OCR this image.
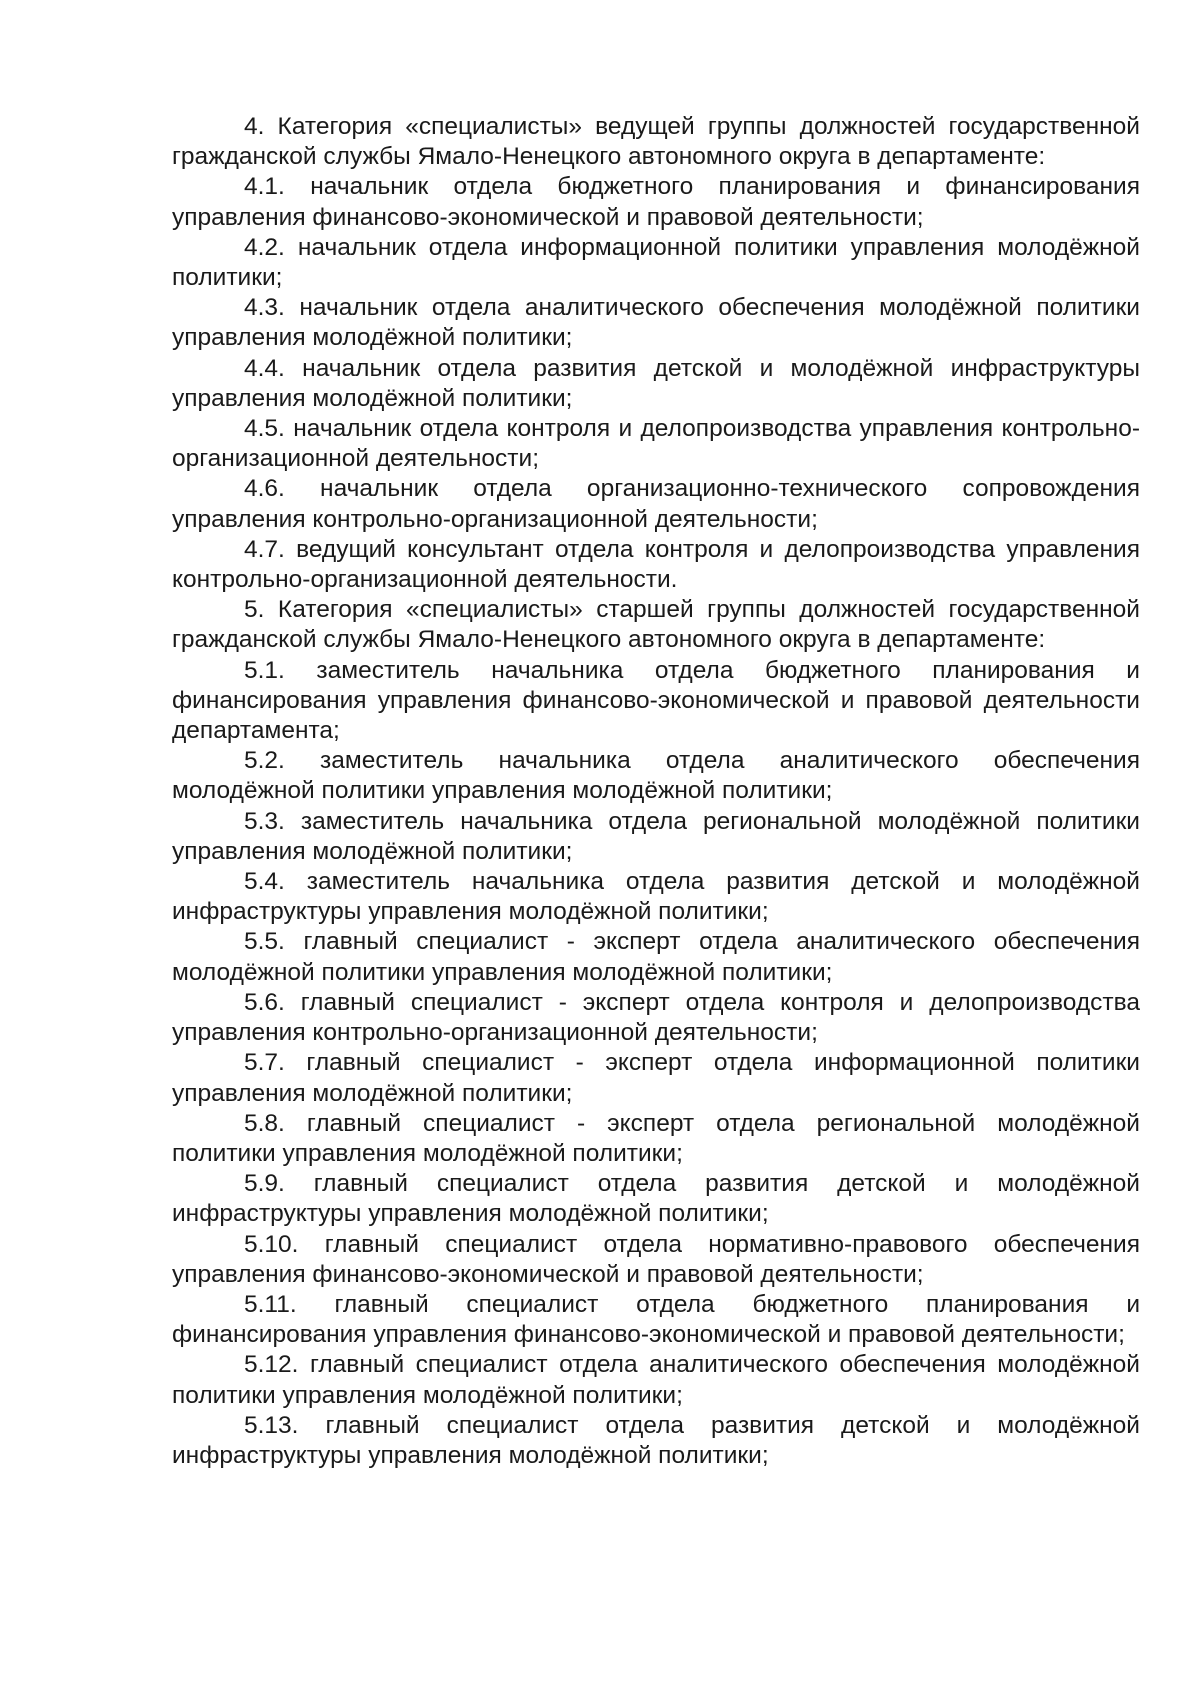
4. Категория «специалисты» ведущей группы должностей государственной гражданской службы Ямало-Ненецкого автономного округа в департаменте:

4.1. начальник отдела бюджетного планирования и финансирования управления финансово-экономической и правовой деятельности;

4.2. начальник отдела информационной политики управления молодёжной политики;

4.3. начальник отдела аналитического обеспечения молодёжной политики управления молодёжной политики;

4.4. начальник отдела развития детской и молодёжной инфраструктуры управления молодёжной политики;

4.5. начальник отдела контроля и делопроизводства управления контрольно-организационной деятельности;

4.6. начальник отдела организационно-технического сопровождения управления контрольно-организационной деятельности;

4.7. ведущий консультант отдела контроля и делопроизводства управления контрольно-организационной деятельности.

5. Категория «специалисты» старшей группы должностей государственной гражданской службы Ямало-Ненецкого автономного округа в департаменте:

5.1. заместитель начальника отдела бюджетного планирования и финансирования управления финансово-экономической и правовой деятельности департамента;

5.2. заместитель начальника отдела аналитического обеспечения молодёжной политики управления молодёжной политики;

5.3. заместитель начальника отдела региональной молодёжной политики управления молодёжной политики;

5.4. заместитель начальника отдела развития детской и молодёжной инфраструктуры управления молодёжной политики;

5.5. главный специалист - эксперт отдела аналитического обеспечения молодёжной политики управления молодёжной политики;

5.6. главный специалист - эксперт отдела контроля и делопроизводства управления контрольно-организационной деятельности;

5.7. главный специалист - эксперт отдела информационной политики управления молодёжной политики;

5.8. главный специалист - эксперт отдела региональной молодёжной политики управления молодёжной политики;

5.9. главный специалист отдела развития детской и молодёжной инфраструктуры управления молодёжной политики;

5.10. главный специалист отдела нормативно-правового обеспечения управления финансово-экономической и правовой деятельности;

5.11. главный специалист отдела бюджетного планирования и финансирования управления финансово-экономической и правовой деятельности;

5.12. главный специалист отдела аналитического обеспечения молодёжной политики управления молодёжной политики;

5.13. главный специалист отдела развития детской и молодёжной инфраструктуры управления молодёжной политики;
